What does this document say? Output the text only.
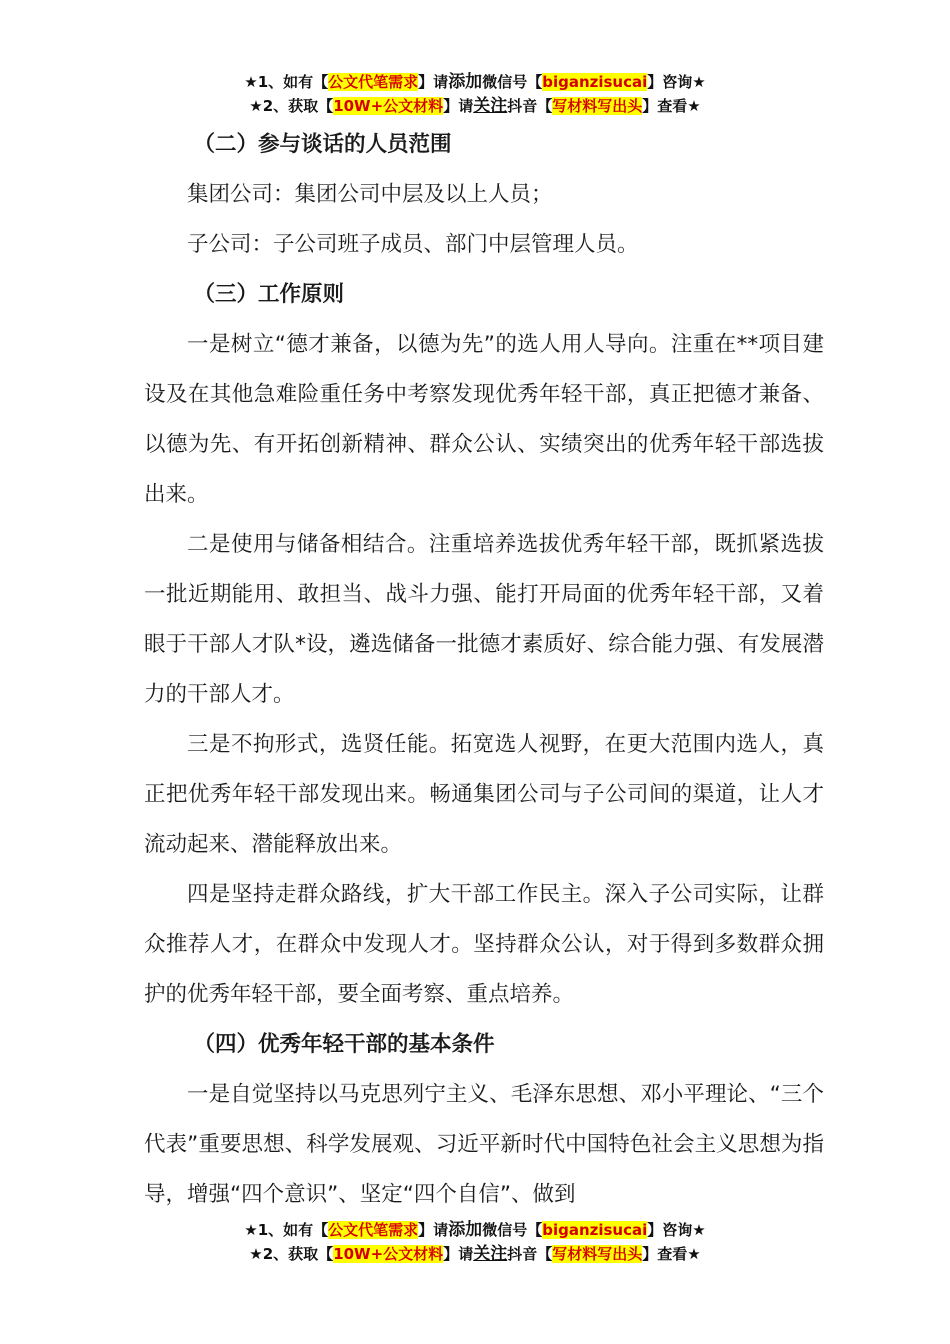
★1、如有【公文代笔需求】请添加微信号【biganzisucai】咨询★
★2、获取【10W+公文材料】请关注抖音【写材料写出头】查看★

（二）参与谈话的人员范围

集团公司：集团公司中层及以上人员；

子公司：子公司班子成员、部门中层管理人员。

（三）工作原则

一是树立“德才兼备，以德为先”的选人用人导向。注重在**项目建设及在其他急难险重任务中考察发现优秀年轻干部，真正把德才兼备、以德为先、有开拓创新精神、群众公认、实绩突出的优秀年轻干部选拔出来。

二是使用与储备相结合。注重培养选拔优秀年轻干部，既抓紧选拔一批近期能用、敢担当、战斗力强、能打开局面的优秀年轻干部，又着眼于干部人才队*设，遴选储备一批德才素质好、综合能力强、有发展潜力的干部人才。

三是不拘形式，选贤任能。拓宽选人视野，在更大范围内选人，真正把优秀年轻干部发现出来。畅通集团公司与子公司间的渠道，让人才流动起来、潜能释放出来。

四是坚持走群众路线，扩大干部工作民主。深入子公司实际，让群众推荐人才，在群众中发现人才。坚持群众公认，对于得到多数群众拥护的优秀年轻干部，要全面考察、重点培养。

（四）优秀年轻干部的基本条件

一是自觉坚持以马克思列宁主义、毛泽东思想、邓小平理论、“三个代表”重要思想、科学发展观、习近平新时代中国特色社会主义思想为指导，增强“四个意识”、坚定“四个自信”、做到

★1、如有【公文代笔需求】请添加微信号【biganzisucai】咨询★
★2、获取【10W+公文材料】请关注抖音【写材料写出头】查看★
